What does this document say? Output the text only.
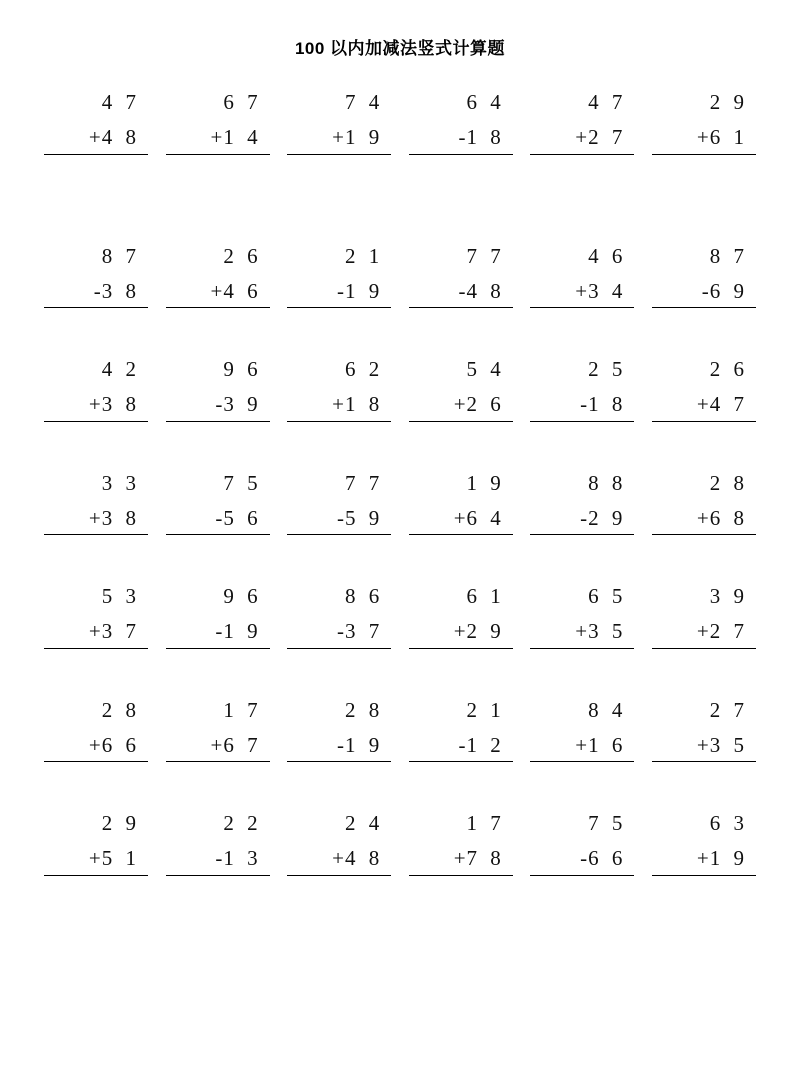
100 以内加减法竖式计算题
4 7
+ 4 8
6 7
+ 1 4
7 4
+ 1 9
6 4
- 1 8
4 7
+ 2 7
2 9
+ 6 1
8 7
- 3 8
2 6
+ 4 6
2 1
- 1 9
7 7
- 4 8
4 6
+ 3 4
8 7
- 6 9
4 2
+ 3 8
9 6
- 3 9
6 2
+ 1 8
5 4
+ 2 6
2 5
- 1 8
2 6
+ 4 7
3 3
+ 3 8
7 5
- 5 6
7 7
- 5 9
1 9
+ 6 4
8 8
- 2 9
2 8
+ 6 8
5 3
+ 3 7
9 6
- 1 9
8 6
- 3 7
6 1
+ 2 9
6 5
+ 3 5
3 9
+ 2 7
2 8
+ 6 6
1 7
+ 6 7
2 8
- 1 9
2 1
- 1 2
8 4
+ 1 6
2 7
+ 3 5
2 9
+ 5 1
2 2
- 1 3
2 4
+ 4 8
1 7
+ 7 8
7 5
- 6 6
6 3
+ 1 9
